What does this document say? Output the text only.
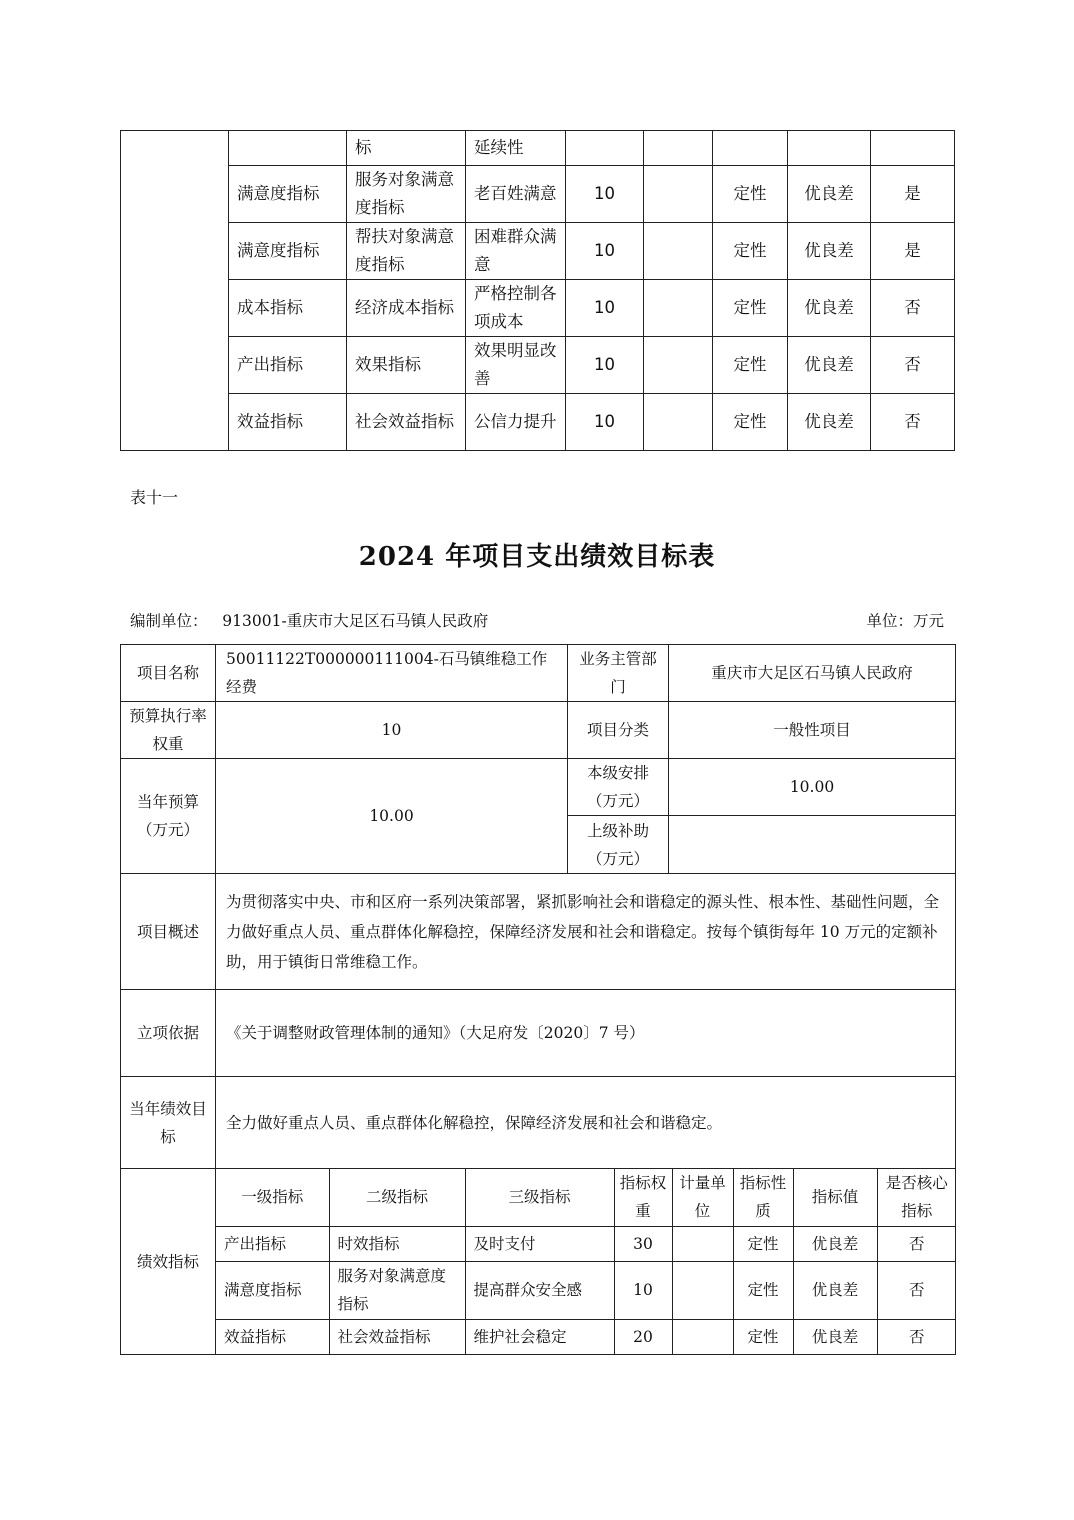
		标	延续性					
	满意度指标	服务对象满意度指标	老百姓满意	10		定性	优良差	是
	满意度指标	帮扶对象满意度指标	困难群众满意	10		定性	优良差	是
	成本指标	经济成本指标	严格控制各项成本	10		定性	优良差	否
	产出指标	效果指标	效果明显改善	10		定性	优良差	否
	效益指标	社会效益指标	公信力提升	10		定性	优良差	否
表十一
2024 年项目支出绩效目标表
编制单位：   913001-重庆市大足区石马镇人民政府	单位：万元
项目名称	50011122T000000111004-石马镇维稳工作经费	业务主管部门	重庆市大足区石马镇人民政府
预算执行率权重	10	项目分类	一般性项目
当年预算（万元）	10.00	本级安排（万元）	10.00
上级补助（万元）	
项目概述	为贯彻落实中央、市和区府一系列决策部署，紧抓影响社会和谐稳定的源头性、根本性、基础性问题，全力做好重点人员、重点群体化解稳控，保障经济发展和社会和谐稳定。按每个镇街每年 10 万元的定额补助，用于镇街日常维稳工作。
立项依据	《关于调整财政管理体制的通知》（大足府发〔2020〕7 号）
当年绩效目标	全力做好重点人员、重点群体化解稳控，保障经济发展和社会和谐稳定。
绩效指标	
一级指标	二级指标	三级指标	指标权重	计量单位	指标性质	指标值	是否核心指标
产出指标	时效指标	及时支付	30		定性	优良差	否
满意度指标	服务对象满意度指标	提高群众安全感	10		定性	优良差	否
效益指标	社会效益指标	维护社会稳定	20		定性	优良差	否
